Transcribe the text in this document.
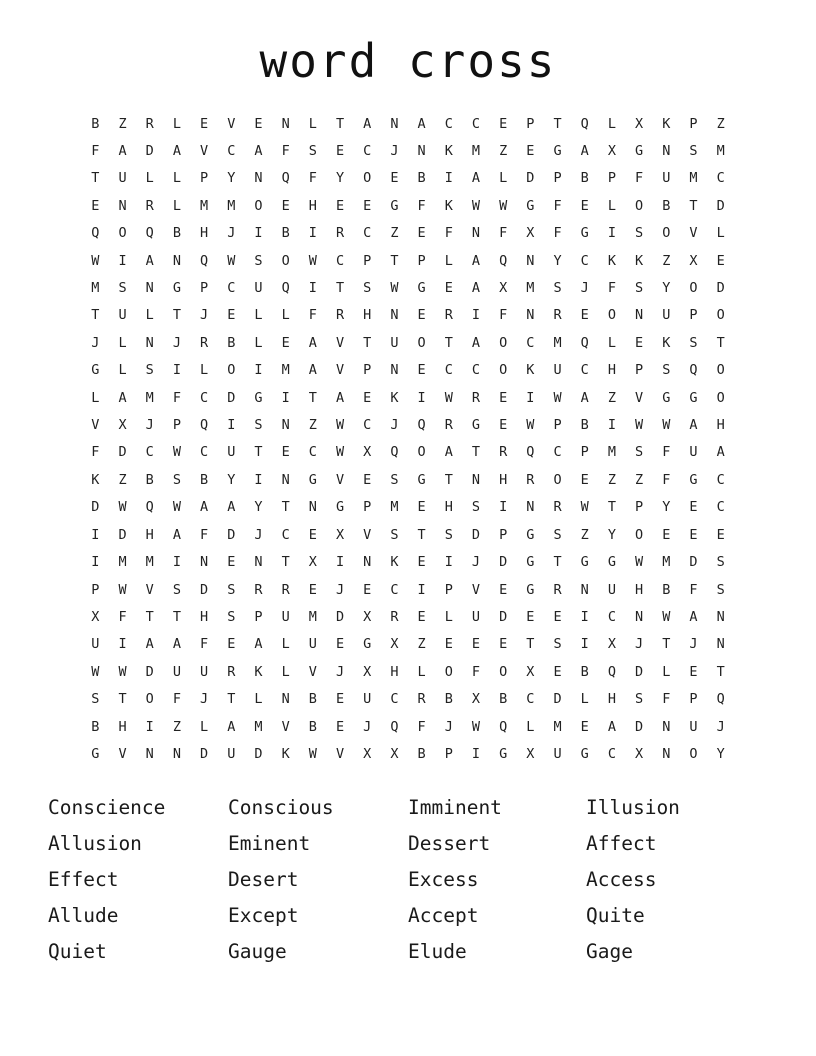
word cross
B	Z	R	L	E	V	E	N	L	T	A	N	A	C	C	E	P	T	Q	L	X	K	P	Z
F	A	D	A	V	C	A	F	S	E	C	J	N	K	M	Z	E	G	A	X	G	N	S	M
T	U	L	L	P	Y	N	Q	F	Y	O	E	B	I	A	L	D	P	B	P	F	U	M	C
E	N	R	L	M	M	O	E	H	E	E	G	F	K	W	W	G	F	E	L	O	B	T	D
Q	O	Q	B	H	J	I	B	I	R	C	Z	E	F	N	F	X	F	G	I	S	O	V	L
W	I	A	N	Q	W	S	O	W	C	P	T	P	L	A	Q	N	Y	C	K	K	Z	X	E
M	S	N	G	P	C	U	Q	I	T	S	W	G	E	A	X	M	S	J	F	S	Y	O	D
T	U	L	T	J	E	L	L	F	R	H	N	E	R	I	F	N	R	E	O	N	U	P	O
J	L	N	J	R	B	L	E	A	V	T	U	O	T	A	O	C	M	Q	L	E	K	S	T
G	L	S	I	L	O	I	M	A	V	P	N	E	C	C	O	K	U	C	H	P	S	Q	O
L	A	M	F	C	D	G	I	T	A	E	K	I	W	R	E	I	W	A	Z	V	G	G	O
V	X	J	P	Q	I	S	N	Z	W	C	J	Q	R	G	E	W	P	B	I	W	W	A	H
F	D	C	W	C	U	T	E	C	W	X	Q	O	A	T	R	Q	C	P	M	S	F	U	A
K	Z	B	S	B	Y	I	N	G	V	E	S	G	T	N	H	R	O	E	Z	Z	F	G	C
D	W	Q	W	A	A	Y	T	N	G	P	M	E	H	S	I	N	R	W	T	P	Y	E	C
I	D	H	A	F	D	J	C	E	X	V	S	T	S	D	P	G	S	Z	Y	O	E	E	E
I	M	M	I	N	E	N	T	X	I	N	K	E	I	J	D	G	T	G	G	W	M	D	S
P	W	V	S	D	S	R	R	E	J	E	C	I	P	V	E	G	R	N	U	H	B	F	S
X	F	T	T	H	S	P	U	M	D	X	R	E	L	U	D	E	E	I	C	N	W	A	N
U	I	A	A	F	E	A	L	U	E	G	X	Z	E	E	E	T	S	I	X	J	T	J	N
W	W	D	U	U	R	K	L	V	J	X	H	L	O	F	O	X	E	B	Q	D	L	E	T
S	T	O	F	J	T	L	N	B	E	U	C	R	B	X	B	C	D	L	H	S	F	P	Q
B	H	I	Z	L	A	M	V	B	E	J	Q	F	J	W	Q	L	M	E	A	D	N	U	J
G	V	N	N	D	U	D	K	W	V	X	X	B	P	I	G	X	U	G	C	X	N	O	Y
Conscience	Conscious	Imminent	Illusion
Allusion	Eminent	Dessert	Affect
Effect	Desert	Excess	Access
Allude	Except	Accept	Quite
Quiet	Gauge	Elude	Gage
